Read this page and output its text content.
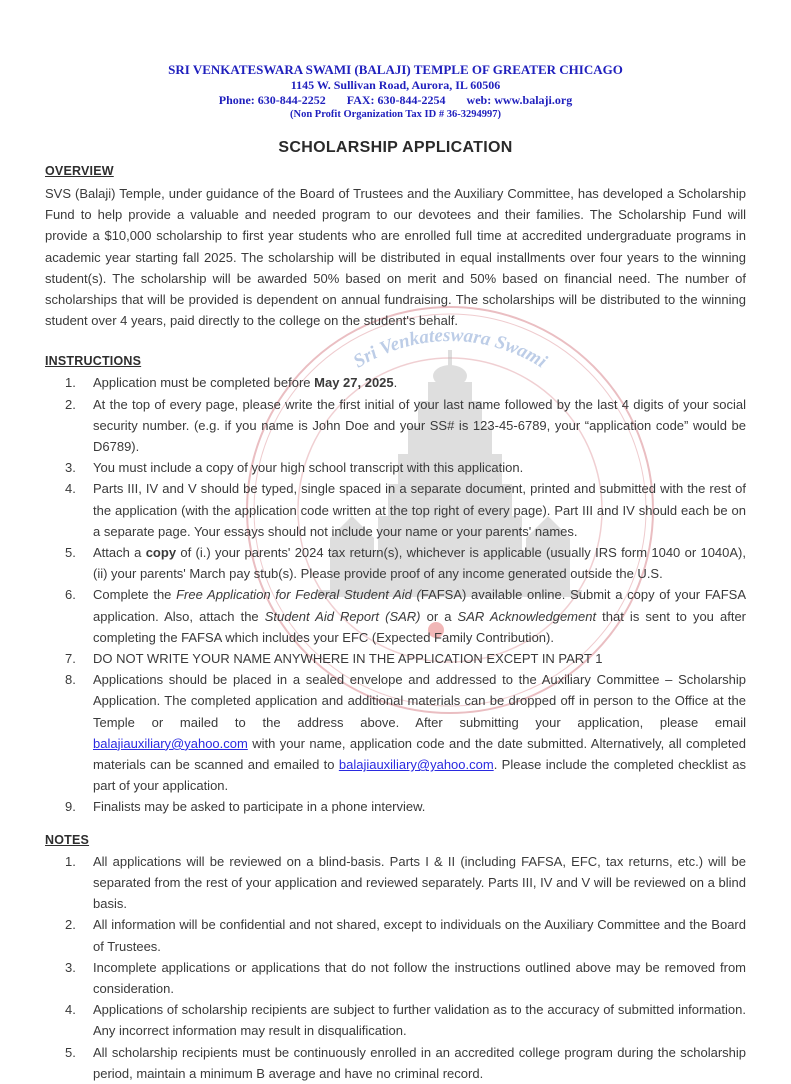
Sri Venkateswara Swami
SRI VENKATESWARA SWAMI (BALAJI) TEMPLE OF GREATER CHICAGO
1145 W. Sullivan Road, Aurora, IL 60506
Phone: 630-844-2252 FAX: 630-844-2254 web: www.balaji.org
(Non Profit Organization Tax ID # 36-3294997)
SCHOLARSHIP APPLICATION
OVERVIEW

SVS (Balaji) Temple, under guidance of the Board of Trustees and the Auxiliary Committee, has developed a Scholarship Fund to help provide a valuable and needed program to our devotees and their families. The Scholarship Fund will provide a $10,000 scholarship to first year students who are enrolled full time at accredited undergraduate programs in academic year starting fall 2025. The scholarship will be distributed in equal installments over four years to the winning student(s). The scholarship will be awarded 50% based on merit and 50% based on financial need. The number of scholarships that will be provided is dependent on annual fundraising. The scholarships will be distributed to the winning student over 4 years, paid directly to the college on the student's behalf.

INSTRUCTIONS
Application must be completed before May 27, 2025.
At the top of every page, please write the first initial of your last name followed by the last 4 digits of your social security number. (e.g. if you name is John Doe and your SS# is 123-45-6789, your “application code” would be D6789).
You must include a copy of your high school transcript with this application.
Parts III, IV and V should be typed, single spaced in a separate document, printed and submitted with the rest of the application (with the application code written at the top right of every page). Part III and IV should each be on a separate page. Your essays should not include your name or your parents' names.
Attach a copy of (i.) your parents' 2024 tax return(s), whichever is applicable (usually IRS form 1040 or 1040A), (ii) your parents' March pay stub(s). Please provide proof of any income generated outside the U.S.
Complete the Free Application for Federal Student Aid (FAFSA) available online. Submit a copy of your FAFSA application. Also, attach the Student Aid Report (SAR) or a SAR Acknowledgement that is sent to you after completing the FAFSA which includes your EFC (Expected Family Contribution).
DO NOT WRITE YOUR NAME ANYWHERE IN THE APPLICATION EXCEPT IN PART 1
Applications should be placed in a sealed envelope and addressed to the Auxiliary Committee – Scholarship Application. The completed application and additional materials can be dropped off in person to the Office at the Temple or mailed to the address above. After submitting your application, please email balajiauxiliary@yahoo.com with your name, application code and the date submitted. Alternatively, all completed materials can be scanned and emailed to balajiauxiliary@yahoo.com. Please include the completed checklist as part of your application.
Finalists may be asked to participate in a phone interview.
NOTES
All applications will be reviewed on a blind-basis. Parts I & II (including FAFSA, EFC, tax returns, etc.) will be separated from the rest of your application and reviewed separately. Parts III, IV and V will be reviewed on a blind basis.
All information will be confidential and not shared, except to individuals on the Auxiliary Committee and the Board of Trustees.
Incomplete applications or applications that do not follow the instructions outlined above may be removed from consideration.
Applications of scholarship recipients are subject to further validation as to the accuracy of submitted information. Any incorrect information may result in disqualification.
All scholarship recipients must be continuously enrolled in an accredited college program during the scholarship period, maintain a minimum B average and have no criminal record.
